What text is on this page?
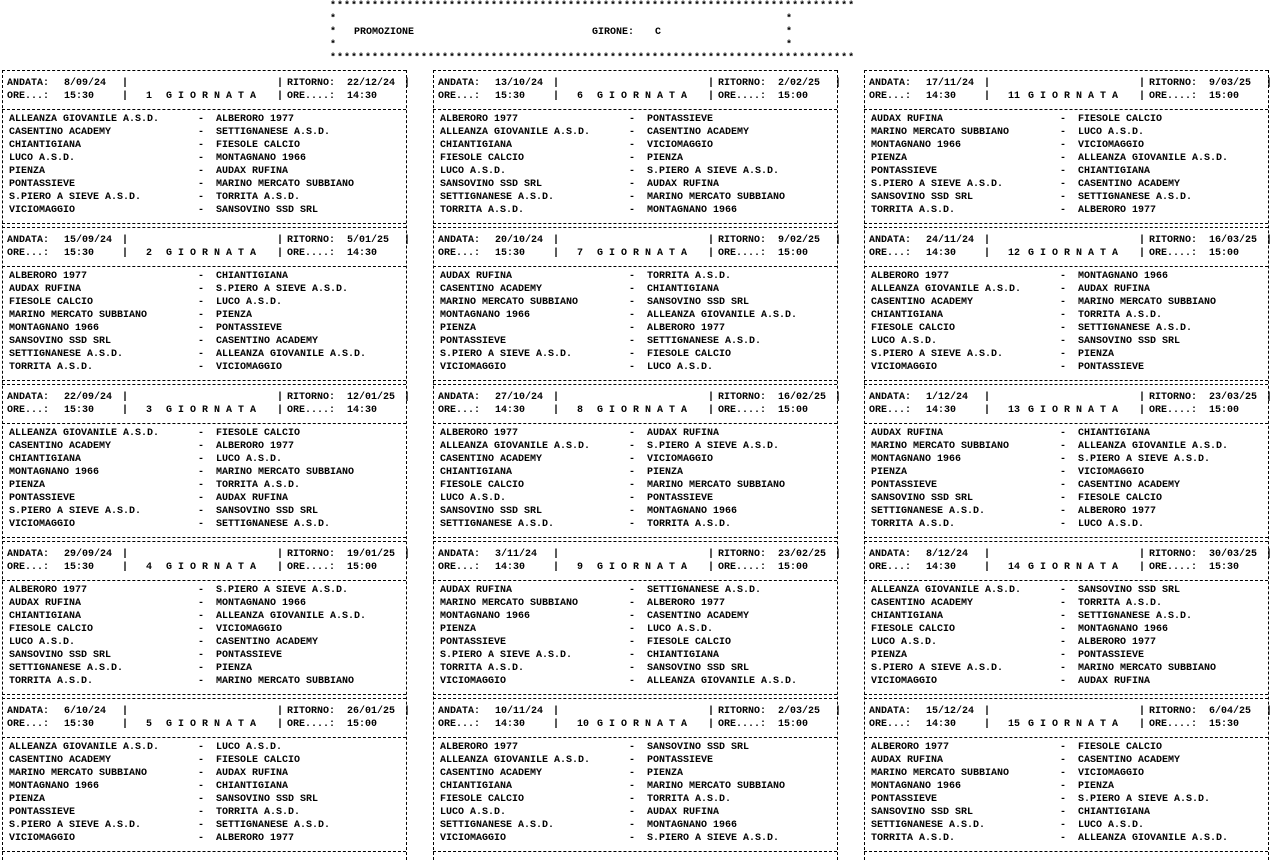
***************************************************************************
*	*
*	*
*	*
PROMOZIONE	GIRONE: C
***************************************************************************
ANDATA: 8/09/24 |	| RITORNO: 22/12/24 |
ORE...: 15:30	| 1 G I O R N A T A | ORE....: 14:30
ALLEANZA GIOVANILE A.S.D.	- ALBERORO 1977
CASENTINO ACADEMY	- SETTIGNANESE A.S.D.
CHIANTIGIANA	- FIESOLE CALCIO
LUCO A.S.D.	- MONTAGNANO 1966
PIENZA	- AUDAX RUFINA
PONTASSIEVE	- MARINO MERCATO SUBBIANO
S.PIERO A SIEVE A.S.D.	- TORRITA A.S.D.
VICIOMAGGIO	- SANSOVINO SSD SRL
ANDATA: 15/09/24 |	| RITORNO: 5/01/25 |
ORE...: 15:30	| 2 G I O R N A T A | ORE....: 14:30
ALBERORO 1977	- CHIANTIGIANA
AUDAX RUFINA	- S.PIERO A SIEVE A.S.D.
FIESOLE CALCIO	- LUCO A.S.D.
MARINO MERCATO SUBBIANO	- PIENZA
MONTAGNANO 1966	- PONTASSIEVE
SANSOVINO SSD SRL	- CASENTINO ACADEMY
SETTIGNANESE A.S.D.	- ALLEANZA GIOVANILE A.S.D.
TORRITA A.S.D.	- VICIOMAGGIO
ANDATA: 22/09/24 |	| RITORNO: 12/01/25 |
ORE...: 15:30	| 3 G I O R N A T A | ORE....: 14:30
ALLEANZA GIOVANILE A.S.D.	- FIESOLE CALCIO
CASENTINO ACADEMY	- ALBERORO 1977
CHIANTIGIANA	- LUCO A.S.D.
MONTAGNANO 1966	- MARINO MERCATO SUBBIANO
PIENZA	- TORRITA A.S.D.
PONTASSIEVE	- AUDAX RUFINA
S.PIERO A SIEVE A.S.D.	- SANSOVINO SSD SRL
VICIOMAGGIO	- SETTIGNANESE A.S.D.
ANDATA: 29/09/24 |	| RITORNO: 19/01/25 |
ORE...: 15:30	| 4 G I O R N A T A | ORE....: 15:00
ALBERORO 1977	- S.PIERO A SIEVE A.S.D.
AUDAX RUFINA	- MONTAGNANO 1966
CHIANTIGIANA	- ALLEANZA GIOVANILE A.S.D.
FIESOLE CALCIO	- VICIOMAGGIO
LUCO A.S.D.	- CASENTINO ACADEMY
SANSOVINO SSD SRL	- PONTASSIEVE
SETTIGNANESE A.S.D.	- PIENZA
TORRITA A.S.D.	- MARINO MERCATO SUBBIANO
ANDATA: 6/10/24 |	| RITORNO: 26/01/25 |
ORE...: 15:30	| 5 G I O R N A T A | ORE....: 15:00
ALLEANZA GIOVANILE A.S.D.	- LUCO A.S.D.
CASENTINO ACADEMY	- FIESOLE CALCIO
MARINO MERCATO SUBBIANO	- AUDAX RUFINA
MONTAGNANO 1966	- CHIANTIGIANA
PIENZA	- SANSOVINO SSD SRL
PONTASSIEVE	- TORRITA A.S.D.
S.PIERO A SIEVE A.S.D.	- SETTIGNANESE A.S.D.
VICIOMAGGIO	- ALBERORO 1977
ANDATA: 13/10/24 |	| RITORNO: 2/02/25 |
ORE...: 15:30	| 6 G I O R N A T A | ORE....: 15:00
ALBERORO 1977	- PONTASSIEVE
ALLEANZA GIOVANILE A.S.D.	- CASENTINO ACADEMY
CHIANTIGIANA	- VICIOMAGGIO
FIESOLE CALCIO	- PIENZA
LUCO A.S.D.	- S.PIERO A SIEVE A.S.D.
SANSOVINO SSD SRL	- AUDAX RUFINA
SETTIGNANESE A.S.D.	- MARINO MERCATO SUBBIANO
TORRITA A.S.D.	- MONTAGNANO 1966
ANDATA: 20/10/24 |	| RITORNO: 9/02/25 |
ORE...: 15:30	| 7 G I O R N A T A | ORE....: 15:00
AUDAX RUFINA	- TORRITA A.S.D.
CASENTINO ACADEMY	- CHIANTIGIANA
MARINO MERCATO SUBBIANO	- SANSOVINO SSD SRL
MONTAGNANO 1966	- ALLEANZA GIOVANILE A.S.D.
PIENZA	- ALBERORO 1977
PONTASSIEVE	- SETTIGNANESE A.S.D.
S.PIERO A SIEVE A.S.D.	- FIESOLE CALCIO
VICIOMAGGIO	- LUCO A.S.D.
ANDATA: 27/10/24 |	| RITORNO: 16/02/25 |
ORE...: 14:30	| 8 G I O R N A T A | ORE....: 15:00
ALBERORO 1977	- AUDAX RUFINA
ALLEANZA GIOVANILE A.S.D.	- S.PIERO A SIEVE A.S.D.
CASENTINO ACADEMY	- VICIOMAGGIO
CHIANTIGIANA	- PIENZA
FIESOLE CALCIO	- MARINO MERCATO SUBBIANO
LUCO A.S.D.	- PONTASSIEVE
SANSOVINO SSD SRL	- MONTAGNANO 1966
SETTIGNANESE A.S.D.	- TORRITA A.S.D.
ANDATA: 3/11/24 |	| RITORNO: 23/02/25 |
ORE...: 14:30	| 9 G I O R N A T A | ORE....: 15:00
AUDAX RUFINA	- SETTIGNANESE A.S.D.
MARINO MERCATO SUBBIANO	- ALBERORO 1977
MONTAGNANO 1966	- CASENTINO ACADEMY
PIENZA	- LUCO A.S.D.
PONTASSIEVE	- FIESOLE CALCIO
S.PIERO A SIEVE A.S.D.	- CHIANTIGIANA
TORRITA A.S.D.	- SANSOVINO SSD SRL
VICIOMAGGIO	- ALLEANZA GIOVANILE A.S.D.
ANDATA: 10/11/24 |	| RITORNO: 2/03/25 |
ORE...: 14:30	| 10 G I O R N A T A | ORE....: 15:00
ALBERORO 1977	- SANSOVINO SSD SRL
ALLEANZA GIOVANILE A.S.D.	- PONTASSIEVE
CASENTINO ACADEMY	- PIENZA
CHIANTIGIANA	- MARINO MERCATO SUBBIANO
FIESOLE CALCIO	- TORRITA A.S.D.
LUCO A.S.D.	- AUDAX RUFINA
SETTIGNANESE A.S.D.	- MONTAGNANO 1966
VICIOMAGGIO	- S.PIERO A SIEVE A.S.D.
ANDATA: 17/11/24 |	| RITORNO: 9/03/25 |
ORE...: 14:30	| 11 G I O R N A T A | ORE....: 15:00
AUDAX RUFINA	- FIESOLE CALCIO
MARINO MERCATO SUBBIANO	- LUCO A.S.D.
MONTAGNANO 1966	- VICIOMAGGIO
PIENZA	- ALLEANZA GIOVANILE A.S.D.
PONTASSIEVE	- CHIANTIGIANA
S.PIERO A SIEVE A.S.D.	- CASENTINO ACADEMY
SANSOVINO SSD SRL	- SETTIGNANESE A.S.D.
TORRITA A.S.D.	- ALBERORO 1977
ANDATA: 24/11/24 |	| RITORNO: 16/03/25 |
ORE...: 14:30	| 12 G I O R N A T A | ORE....: 15:00
ALBERORO 1977	- MONTAGNANO 1966
ALLEANZA GIOVANILE A.S.D.	- AUDAX RUFINA
CASENTINO ACADEMY	- MARINO MERCATO SUBBIANO
CHIANTIGIANA	- TORRITA A.S.D.
FIESOLE CALCIO	- SETTIGNANESE A.S.D.
LUCO A.S.D.	- SANSOVINO SSD SRL
S.PIERO A SIEVE A.S.D.	- PIENZA
VICIOMAGGIO	- PONTASSIEVE
ANDATA: 1/12/24 |	| RITORNO: 23/03/25 |
ORE...: 14:30	| 13 G I O R N A T A | ORE....: 15:00
AUDAX RUFINA	- CHIANTIGIANA
MARINO MERCATO SUBBIANO	- ALLEANZA GIOVANILE A.S.D.
MONTAGNANO 1966	- S.PIERO A SIEVE A.S.D.
PIENZA	- VICIOMAGGIO
PONTASSIEVE	- CASENTINO ACADEMY
SANSOVINO SSD SRL	- FIESOLE CALCIO
SETTIGNANESE A.S.D.	- ALBERORO 1977
TORRITA A.S.D.	- LUCO A.S.D.
ANDATA: 8/12/24 |	| RITORNO: 30/03/25 |
ORE...: 14:30	| 14 G I O R N A T A | ORE....: 15:30
ALLEANZA GIOVANILE A.S.D.	- SANSOVINO SSD SRL
CASENTINO ACADEMY	- TORRITA A.S.D.
CHIANTIGIANA	- SETTIGNANESE A.S.D.
FIESOLE CALCIO	- MONTAGNANO 1966
LUCO A.S.D.	- ALBERORO 1977
PIENZA	- PONTASSIEVE
S.PIERO A SIEVE A.S.D.	- MARINO MERCATO SUBBIANO
VICIOMAGGIO	- AUDAX RUFINA
ANDATA: 15/12/24 |	| RITORNO: 6/04/25 |
ORE...: 14:30	| 15 G I O R N A T A | ORE....: 15:30
ALBERORO 1977	- FIESOLE CALCIO
AUDAX RUFINA	- CASENTINO ACADEMY
MARINO MERCATO SUBBIANO	- VICIOMAGGIO
MONTAGNANO 1966	- PIENZA
PONTASSIEVE	- S.PIERO A SIEVE A.S.D.
SANSOVINO SSD SRL	- CHIANTIGIANA
SETTIGNANESE A.S.D.	- LUCO A.S.D.
TORRITA A.S.D.	- ALLEANZA GIOVANILE A.S.D.
